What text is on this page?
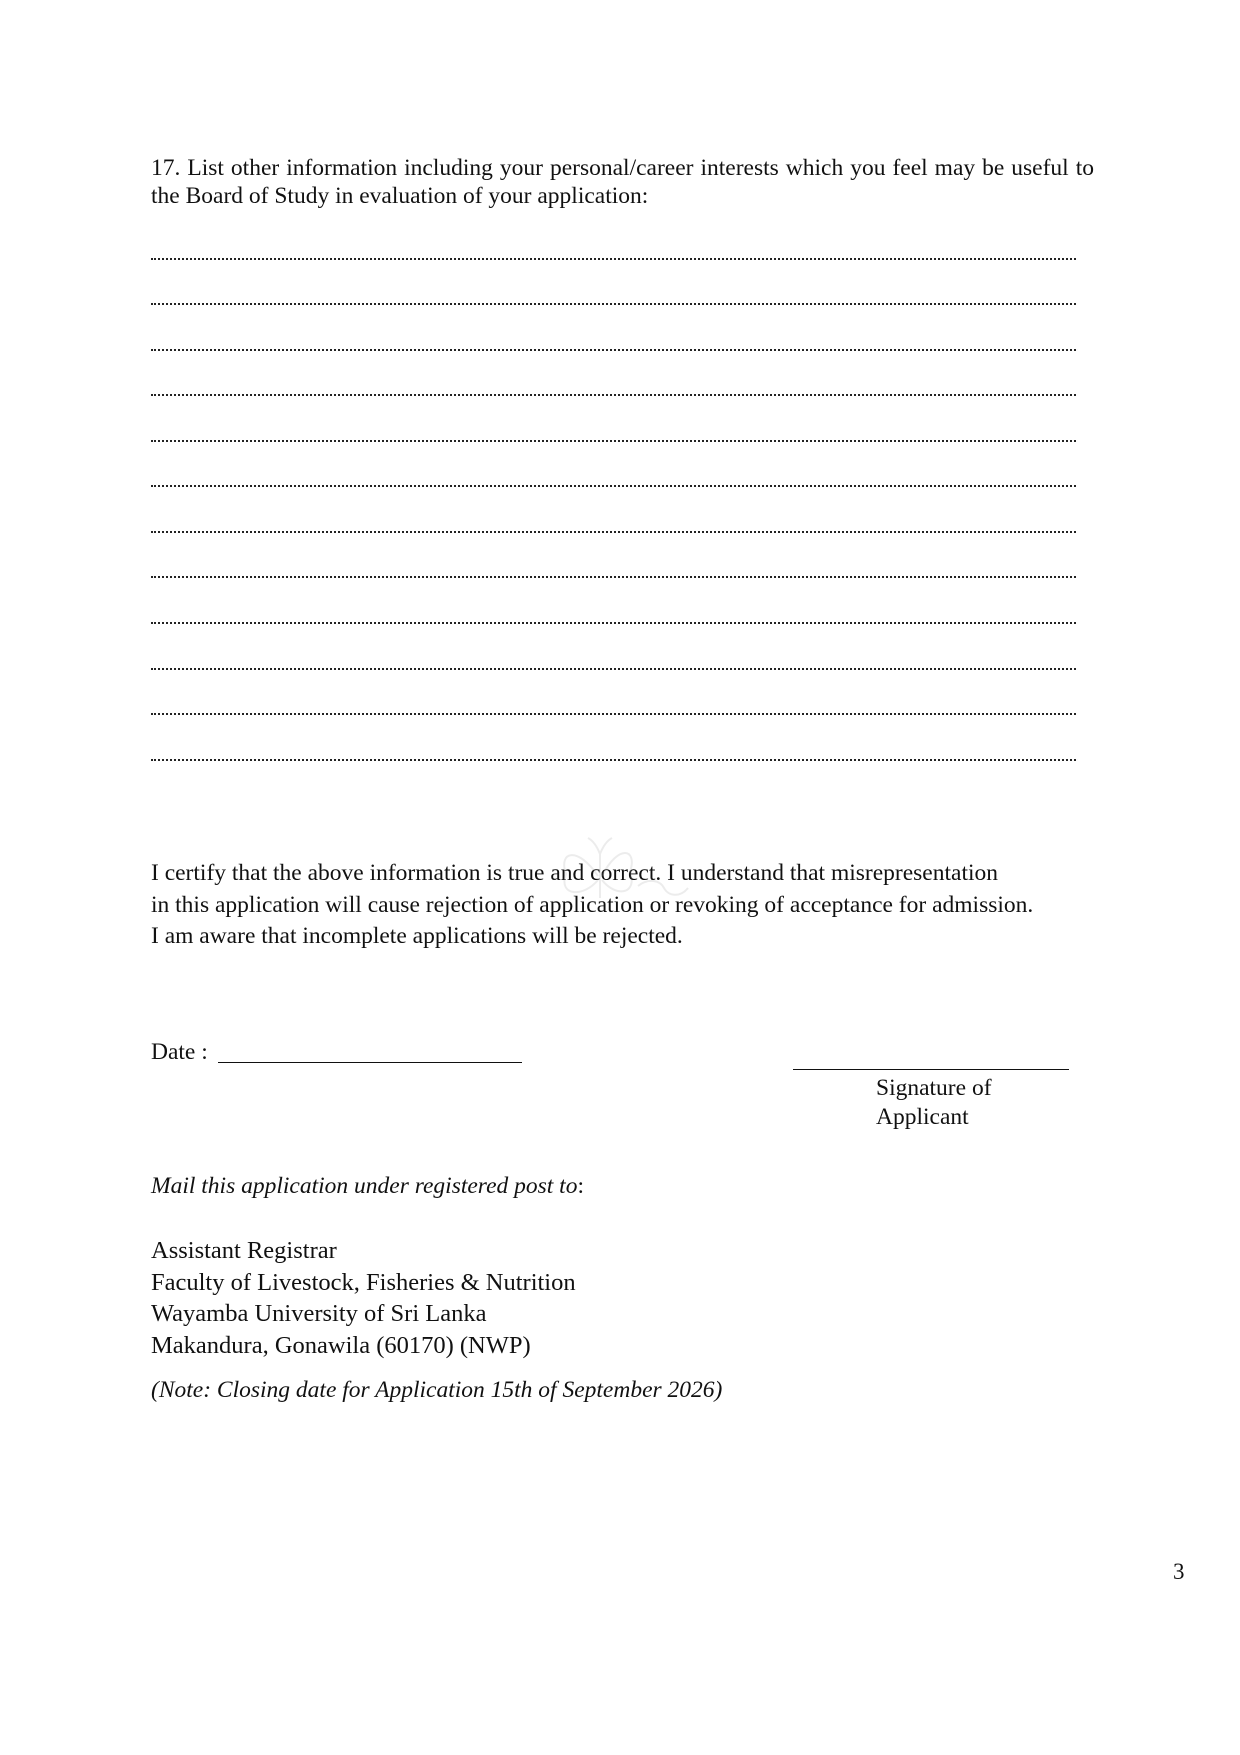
17. List other information including your personal/career interests which you feel may be useful to the Board of Study in evaluation of your application:
I certify that the above information is true and correct. I understand that misrepresentation
in this application will cause rejection of application or revoking of acceptance for admission.
I am aware that incomplete applications will be rejected.
Date :
Signature of
Applicant
Mail this application under registered post to:
Assistant Registrar
Faculty of Livestock, Fisheries & Nutrition
Wayamba University of Sri Lanka
Makandura, Gonawila (60170) (NWP)
(Note: Closing date for Application 15th of September 2026)
3
